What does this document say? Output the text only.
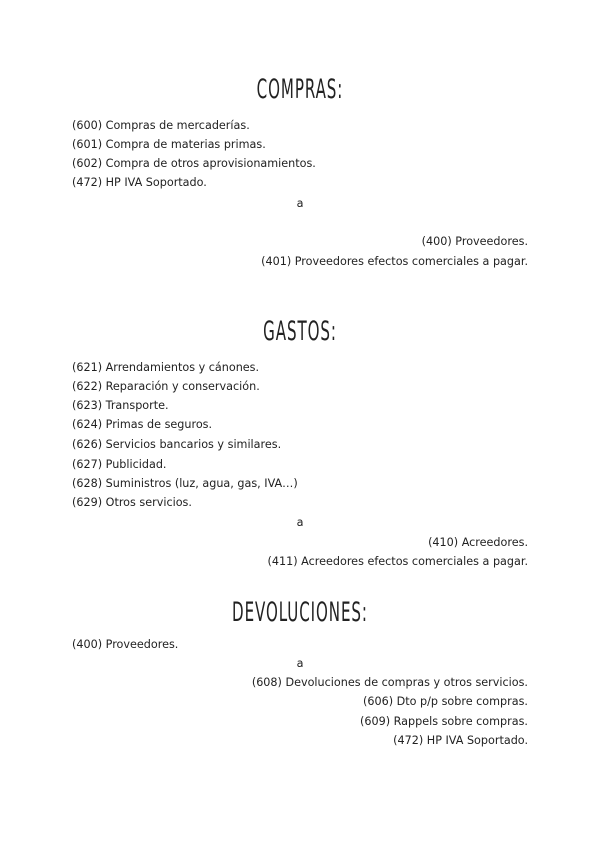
COMPRAS:
(600) Compras de mercaderías.
(601) Compra de materias primas.
(602) Compra de otros aprovisionamientos.
(472) HP IVA Soportado.
a
(400) Proveedores.
(401) Proveedores efectos comerciales a pagar.
GASTOS:
(621) Arrendamientos y cánones.
(622) Reparación y conservación.
(623) Transporte.
(624) Primas de seguros.
(626) Servicios bancarios y similares.
(627) Publicidad.
(628) Suministros (luz, agua, gas, IVA…)
(629) Otros servicios.
a
(410) Acreedores.
(411) Acreedores efectos comerciales a pagar.
DEVOLUCIONES:
(400) Proveedores.
a
(608) Devoluciones de compras y otros servicios.
(606) Dto p/p sobre compras.
(609) Rappels sobre compras.
(472) HP IVA Soportado.
